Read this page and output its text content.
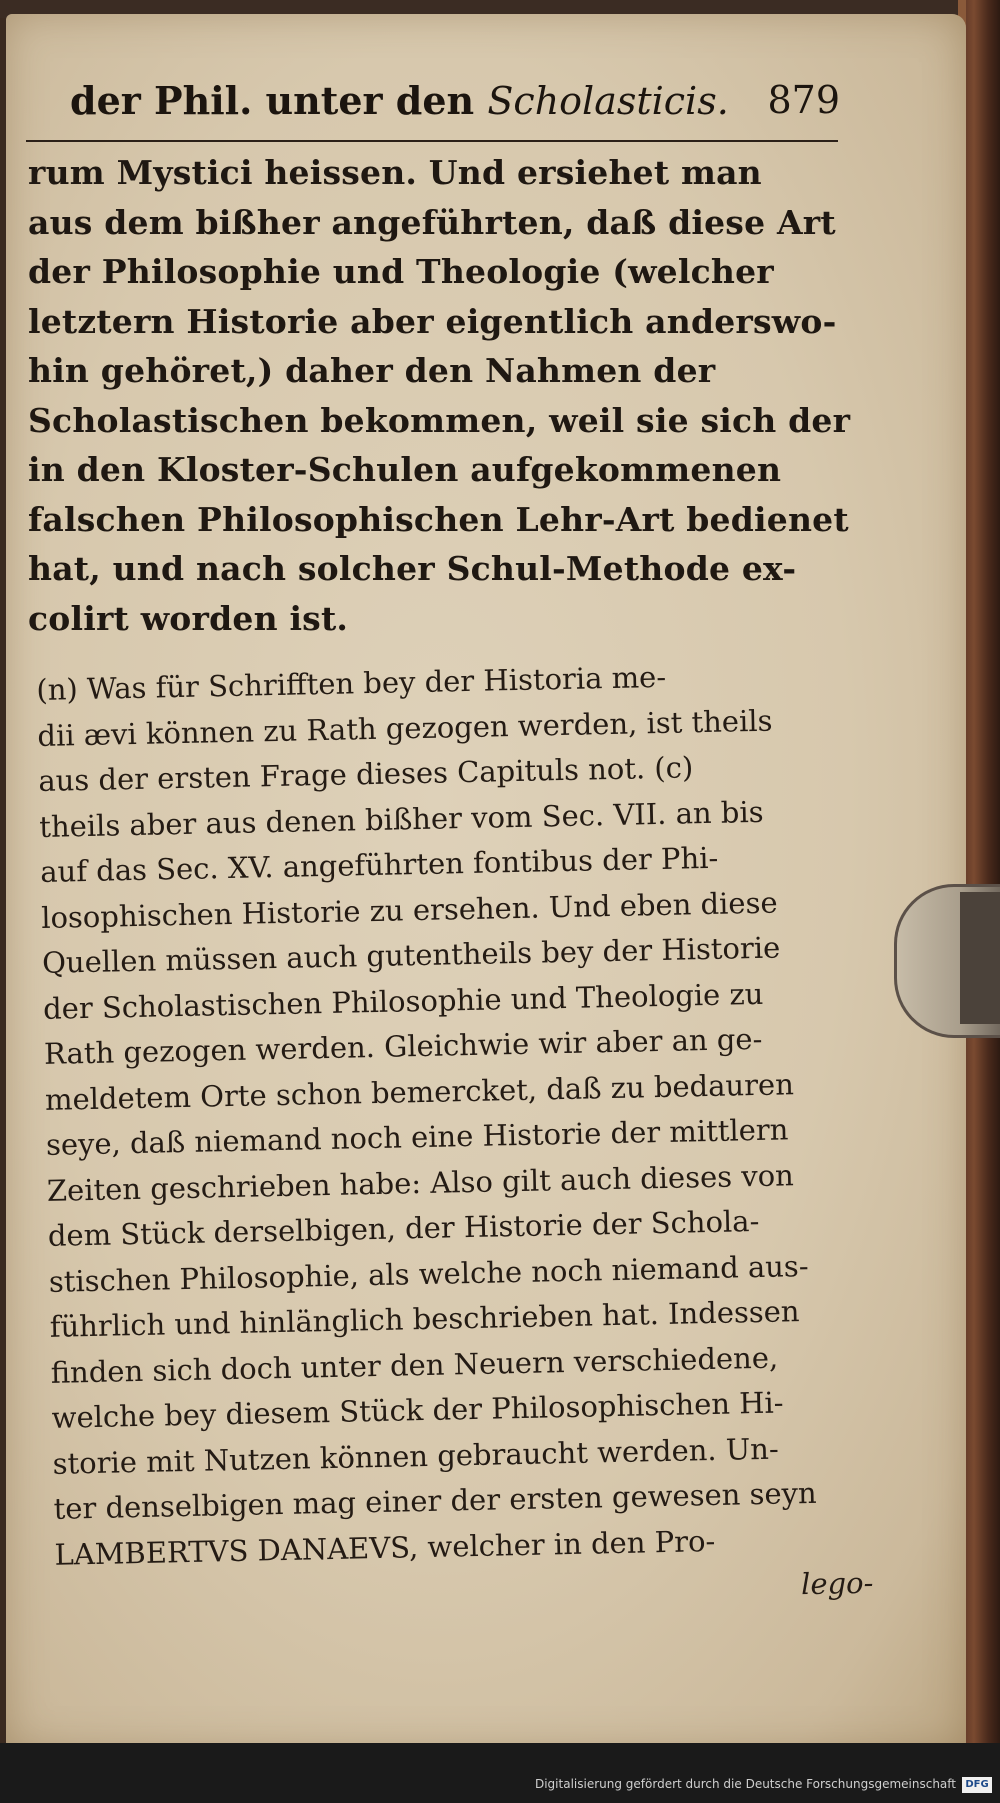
der Phil. unter den Scholasticis. 879
rum Mystici heissen. Und ersiehet man
aus dem bißher angeführten, daß diese Art
der Philosophie und Theologie (welcher
letztern Historie aber eigentlich anderswo-
hin gehöret,) daher den Nahmen der
Scholastischen bekommen, weil sie sich der
in den Kloster-Schulen aufgekommenen
falschen Philosophischen Lehr-Art bedienet
hat, und nach solcher Schul-Methode ex-
colirt worden ist.
(n) Was für Schrifften bey der Historia me-
dii ævi können zu Rath gezogen werden, ist theils
aus der ersten Frage dieses Capituls not. (c)
theils aber aus denen bißher vom Sec. VII. an bis
auf das Sec. XV. angeführten fontibus der Phi-
losophischen Historie zu ersehen. Und eben diese
Quellen müssen auch gutentheils bey der Historie
der Scholastischen Philosophie und Theologie zu
Rath gezogen werden. Gleichwie wir aber an ge-
meldetem Orte schon bemercket, daß zu bedauren
seye, daß niemand noch eine Historie der mittlern
Zeiten geschrieben habe: Also gilt auch dieses von
dem Stück derselbigen, der Historie der Schola-
stischen Philosophie, als welche noch niemand aus-
führlich und hinlänglich beschrieben hat. Indessen
finden sich doch unter den Neuern verschiedene,
welche bey diesem Stück der Philosophischen Hi-
storie mit Nutzen können gebraucht werden. Un-
ter denselbigen mag einer der ersten gewesen seyn
LAMBERTVS DANAEVS, welcher in den Pro-
lego-
Digitalisierung gefördert durch die Deutsche Forschungsgemeinschaft DFG
